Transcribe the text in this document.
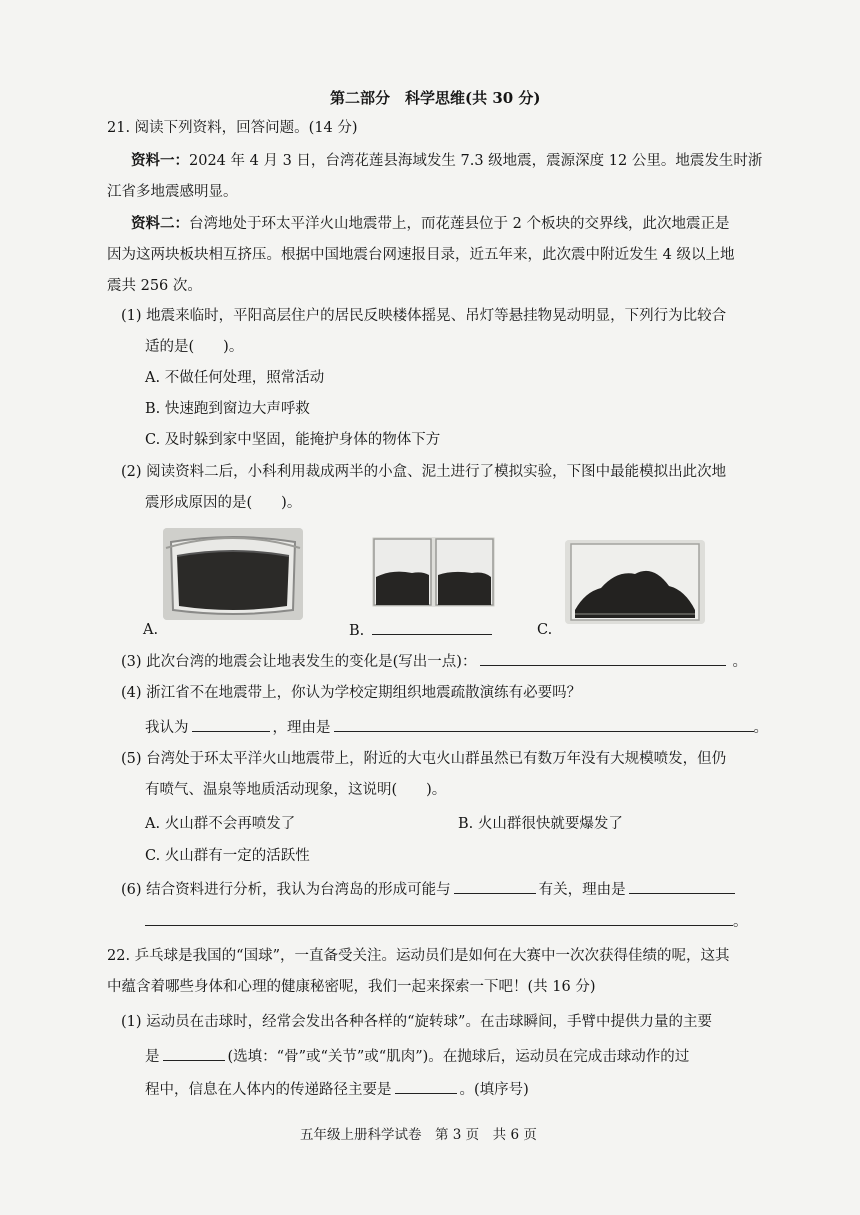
第二部分　科学思维(共 30 分)
21. 阅读下列资料，回答问题。(14 分)
资料一：2024 年 4 月 3 日，台湾花莲县海域发生 7.3 级地震，震源深度 12 公里。地震发生时浙
江省多地震感明显。
资料二：台湾地处于环太平洋火山地震带上，而花莲县位于 2 个板块的交界线，此次地震正是
因为这两块板块相互挤压。根据中国地震台网速报目录，近五年来，此次震中附近发生 4 级以上地
震共 256 次。
(1) 地震来临时，平阳高层住户的居民反映楼体摇晃、吊灯等悬挂物晃动明显，下列行为比较合
适的是(　　)。
A. 不做任何处理，照常活动
B. 快速跑到窗边大声呼救
C. 及时躲到家中坚固，能掩护身体的物体下方
(2) 阅读资料二后，小科利用裁成两半的小盒、泥土进行了模拟实验，下图中最能模拟出此次地
震形成原因的是(　　)。
A.	B.	C.
(3) 此次台湾的地震会让地表发生的变化是(写出一点)：	。
(4) 浙江省不在地震带上，你认为学校定期组织地震疏散演练有必要吗？
我认为	，理由是	。
(5) 台湾处于环太平洋火山地震带上，附近的大屯火山群虽然已有数万年没有大规模喷发，但仍
有喷气、温泉等地质活动现象，这说明(　　)。
A. 火山群不会再喷发了	B. 火山群很快就要爆发了
C. 火山群有一定的活跃性
(6) 结合资料进行分析，我认为台湾岛的形成可能与	有关，理由是
。
22. 乒乓球是我国的“国球”，一直备受关注。运动员们是如何在大赛中一次次获得佳绩的呢，这其
中蕴含着哪些身体和心理的健康秘密呢，我们一起来探索一下吧！(共 16 分)
(1) 运动员在击球时，经常会发出各种各样的“旋转球”。在击球瞬间，手臂中提供力量的主要
是	(选填：“骨”或“关节”或“肌肉”)。在抛球后，运动员在完成击球动作的过
程中，信息在人体内的传递路径主要是	。(填序号)
五年级上册科学试卷　第 3 页　共 6 页
